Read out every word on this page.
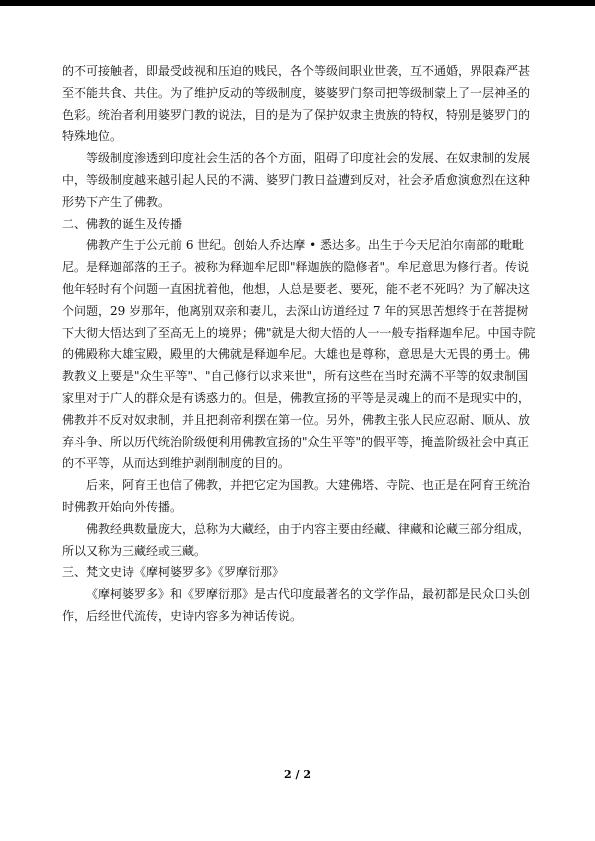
的不可接触者，即最受歧视和压迫的贱民，各个等级间职业世袭，互不通婚，界限森严甚至不能共食、共住。为了维护反动的等级制度，婆婆罗门祭司把等级制蒙上了一层神圣的色彩。统治者利用婆罗门教的说法，目的是为了保护奴隶主贵族的特权，特别是婆罗门的特殊地位。

等级制度渗透到印度社会生活的各个方面，阻碍了印度社会的发展、在奴隶制的发展中，等级制度越来越引起人民的不满、婆罗门教日益遭到反对，社会矛盾愈演愈烈在这种形势下产生了佛教。

二、佛教的诞生及传播

佛教产生于公元前 6 世纪。创始人乔达摩 • 悉达多。出生于今天尼泊尔南部的毗毗尼。是释迦部落的王子。被称为释迦牟尼即"释迦族的隐修者"。牟尼意思为修行者。传说他年轻时有个问题一直困扰着他，他想，人总是要老、要死，能不老不死吗？为了解决这个问题，29 岁那年，他离别双亲和妻儿，去深山访道经过 7 年的冥思苦想终于在菩提树下大彻大悟达到了至高无上的境界；佛"就是大彻大悟的人一一般专指释迦牟尼。中国寺院的佛殿称大雄宝殿，殿里的大佛就是释迦牟尼。大雄也是尊称，意思是大无畏的勇士。佛教教义上要是"众生平等"、"自己修行以求来世"，所有这些在当时充满不平等的奴隶制国家里对于广人的群众是有诱惑力的。但是，佛教宣扬的平等是灵魂上的而不是现实中的，佛教并不反对奴隶制，并且把刹帝利摆在第一位。另外，佛教主张人民应忍耐、顺从、放弃斗争、所以历代统治阶级便利用佛教宣扬的"众生平等"的假平等，掩盖阶级社会中真正的不平等，从而达到维护剥削制度的目的。

后来，阿育王也信了佛教，并把它定为国教。大建佛塔、寺院、也正是在阿育王统治时佛教开始向外传播。

佛教经典数量庞大，总称为大藏经，由于内容主要由经藏、律藏和论藏三部分组成，所以又称为三藏经或三藏。

三、梵文史诗《摩柯婆罗多》《罗摩衍那》

《摩柯婆罗多》和《罗摩衍那》是古代印度最著名的文学作品，最初都是民众口头创作，后经世代流传，史诗内容多为神话传说。

2 / 2
